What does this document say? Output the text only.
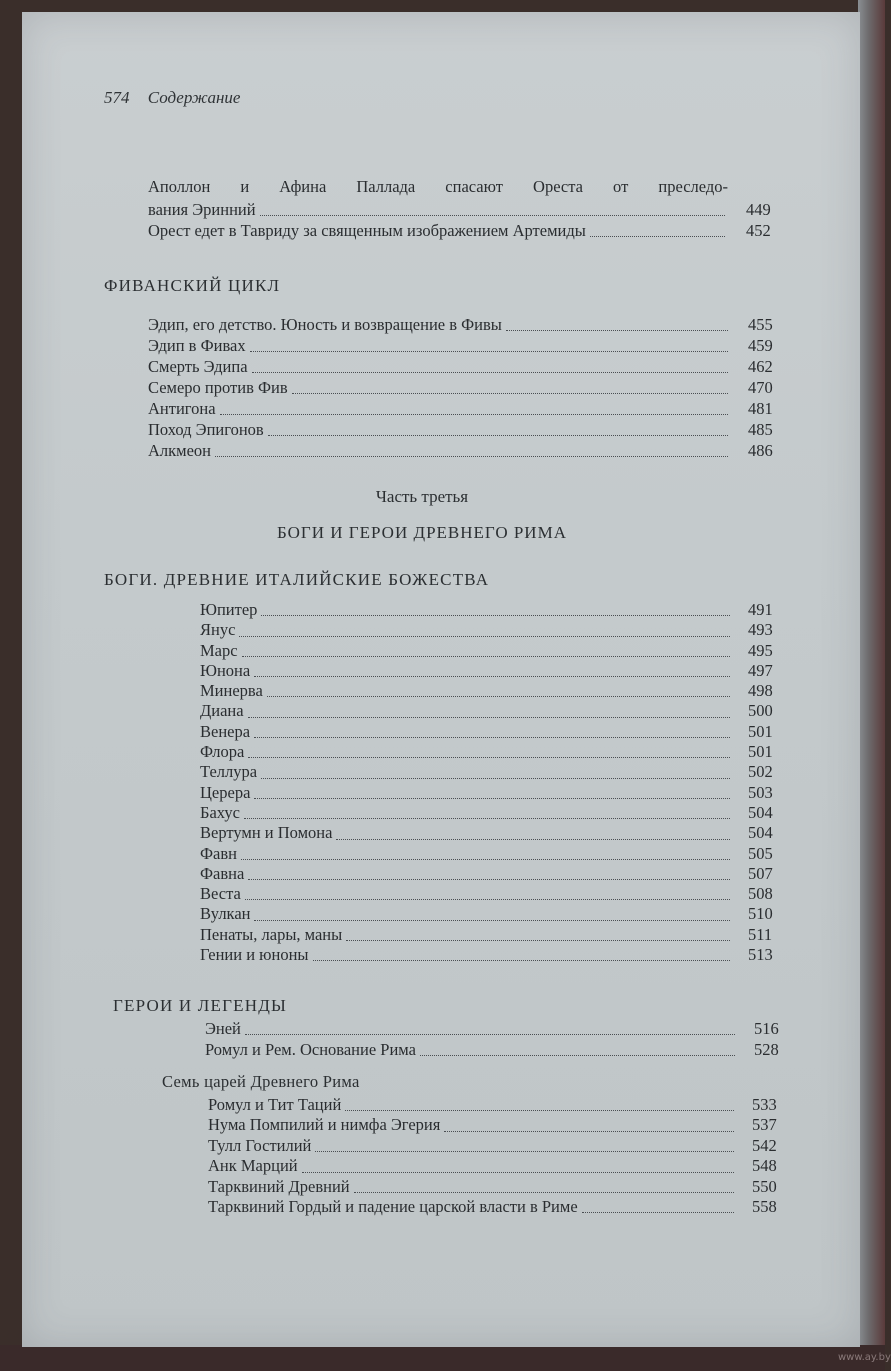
574 Содержание
Аполлон и Афина Паллада спасают Ореста от преследо-
вания Эринний	449
Орест едет в Тавриду за священным изображением Артемиды	452
ФИВАНСКИЙ ЦИКЛ
Эдип, его детство. Юность и возвращение в Фивы	455
Эдип в Фивах	459
Смерть Эдипа	462
Семеро против Фив	470
Антигона	481
Поход Эпигонов	485
Алкмеон	486
Часть третья
БОГИ И ГЕРОИ ДРЕВНЕГО РИМА
БОГИ. ДРЕВНИЕ ИТАЛИЙСКИЕ БОЖЕСТВА
Юпитер	491
Янус	493
Марс	495
Юнона	497
Минерва	498
Диана	500
Венера	501
Флора	501
Теллура	502
Церера	503
Бахус	504
Вертумн и Помона	504
Фавн	505
Фавна	507
Веста	508
Вулкан	510
Пенаты, лары, маны	511
Гении и юноны	513
ГЕРОИ И ЛЕГЕНДЫ
Эней	516
Ромул и Рем. Основание Рима	528
Семь царей Древнего Рима
Ромул и Тит Таций	533
Нума Помпилий и нимфа Эгерия	537
Тулл Гостилий	542
Анк Марций	548
Тарквиний Древний	550
Тарквиний Гордый и падение царской власти в Риме	558
www.ay.by
